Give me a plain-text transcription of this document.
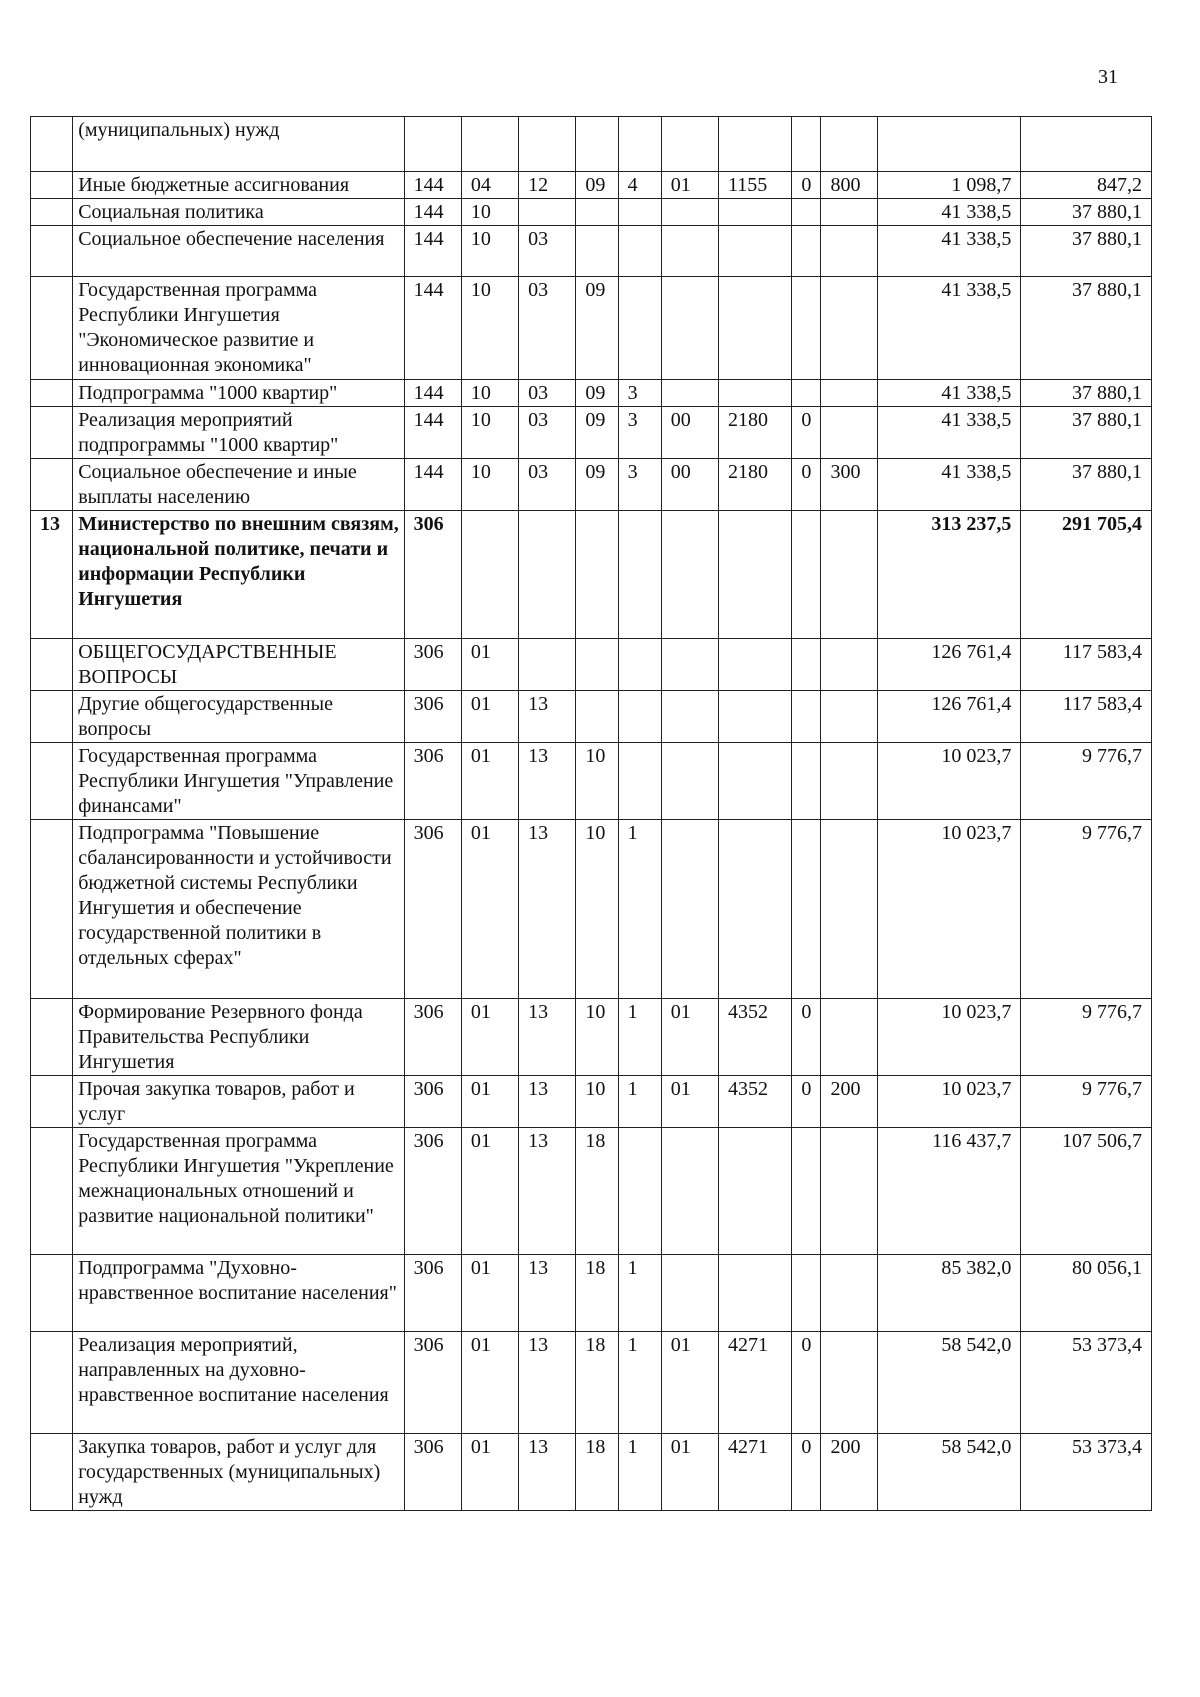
31
	(муниципальных) нужд											
	Иные бюджетные ассигнования	144	04	12	09	4	01	1155	0	800	1 098,7	847,2
	Социальная политика	144	10								41 338,5	37 880,1
	Социальное обеспечение населения	144	10	03							41 338,5	37 880,1
	Государственная программа Республики Ингушетия "Экономическое развитие и инновационная экономика"	144	10	03	09						41 338,5	37 880,1
	Подпрограмма "1000 квартир"	144	10	03	09	3					41 338,5	37 880,1
	Реализация мероприятий подпрограммы "1000 квартир"	144	10	03	09	3	00	2180	0		41 338,5	37 880,1
	Социальное обеспечение и иные выплаты населению	144	10	03	09	3	00	2180	0	300	41 338,5	37 880,1
13	Министерство по внешним связям, национальной политике, печати и информации Республики Ингушетия	306									313 237,5	291 705,4
	ОБЩЕГОСУДАРСТВЕННЫЕ ВОПРОСЫ	306	01								126 761,4	117 583,4
	Другие общегосударственные вопросы	306	01	13							126 761,4	117 583,4
	Государственная программа Республики Ингушетия "Управление финансами"	306	01	13	10						10 023,7	9 776,7
	Подпрограмма "Повышение сбалансированности и устойчивости бюджетной системы Республики Ингушетия и обеспечение государственной политики в отдельных сферах"	306	01	13	10	1					10 023,7	9 776,7
	Формирование Резервного фонда Правительства Республики Ингушетия	306	01	13	10	1	01	4352	0		10 023,7	9 776,7
	Прочая закупка товаров, работ и услуг	306	01	13	10	1	01	4352	0	200	10 023,7	9 776,7
	Государственная программа Республики Ингушетия "Укрепление межнациональных отношений и развитие национальной политики"	306	01	13	18						116 437,7	107 506,7
	Подпрограмма "Духовно-нравственное воспитание населения"	306	01	13	18	1					85 382,0	80 056,1
	Реализация мероприятий, направленных на духовно-нравственное воспитание населения	306	01	13	18	1	01	4271	0		58 542,0	53 373,4
	Закупка товаров, работ и услуг для государственных (муниципальных) нужд	306	01	13	18	1	01	4271	0	200	58 542,0	53 373,4
